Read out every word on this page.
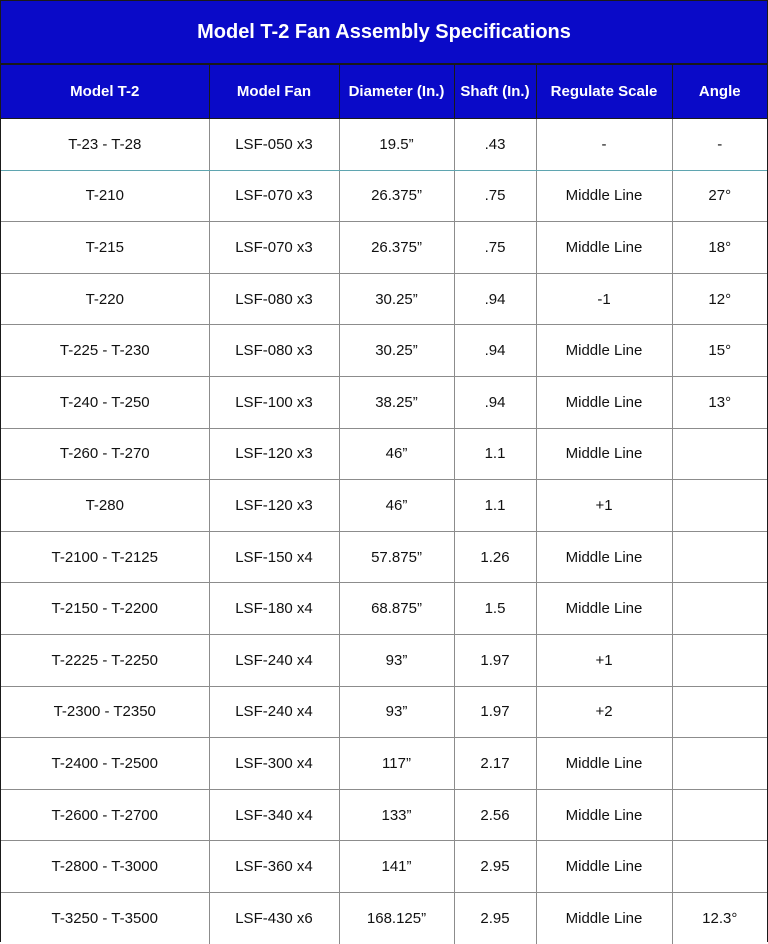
Model T-2 Fan Assembly Specifications
Model T-2	Model Fan	Diameter (In.)	Shaft (In.)	Regulate Scale	Angle
T-23 - T-28	LSF-050 x3	19.5”	.43	-	-
T-210	LSF-070 x3	26.375”	.75	Middle Line	27°
T-215	LSF-070 x3	26.375”	.75	Middle Line	18°
T-220	LSF-080 x3	30.25”	.94	-1	12°
T-225 - T-230	LSF-080 x3	30.25”	.94	Middle Line	15°
T-240 - T-250	LSF-100 x3	38.25”	.94	Middle Line	13°
T-260 - T-270	LSF-120 x3	46”	1.1	Middle Line	
T-280	LSF-120 x3	46”	1.1	+1	
T-2100 - T-2125	LSF-150 x4	57.875”	1.26	Middle Line	
T-2150 - T-2200	LSF-180 x4	68.875”	1.5	Middle Line	
T-2225 - T-2250	LSF-240 x4	93”	1.97	+1	
T-2300 - T2350	LSF-240 x4	93”	1.97	+2	
T-2400 - T-2500	LSF-300 x4	117”	2.17	Middle Line	
T-2600 - T-2700	LSF-340 x4	133”	2.56	Middle Line	
T-2800 - T-3000	LSF-360 x4	141”	2.95	Middle Line	
T-3250 - T-3500	LSF-430 x6	168.125”	2.95	Middle Line	12.3°
